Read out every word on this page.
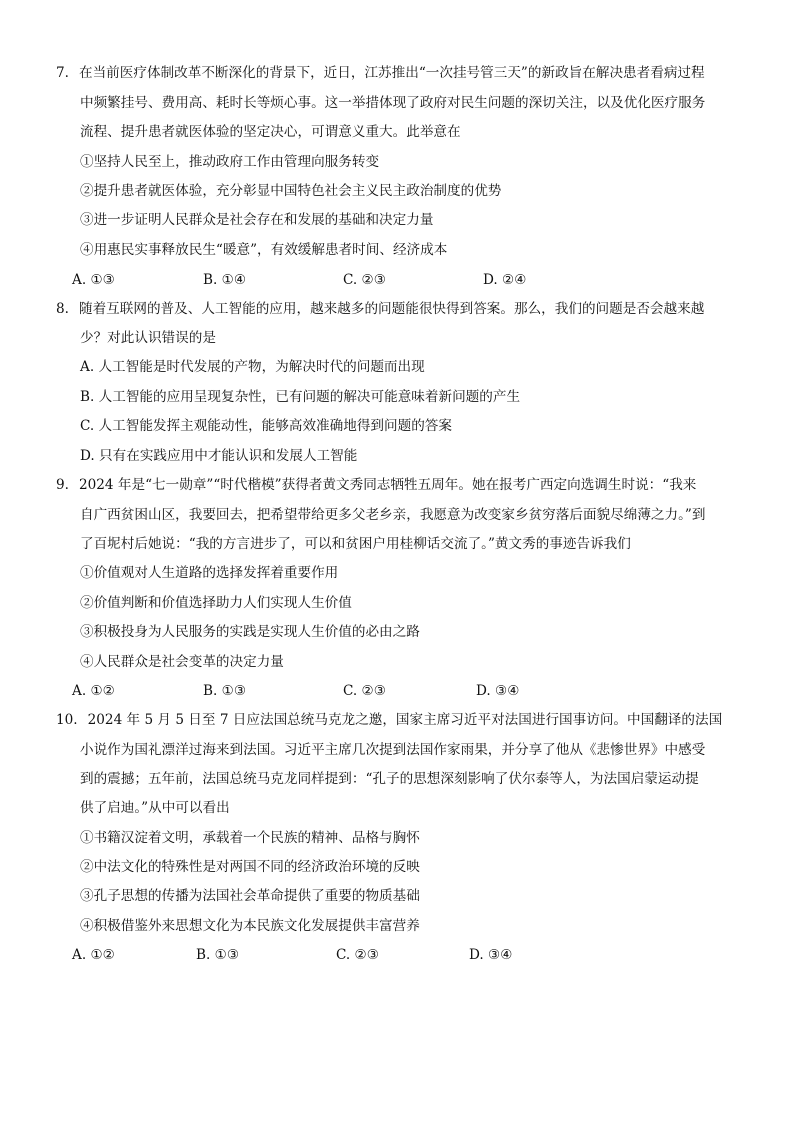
7. 在当前医疗体制改革不断深化的背景下，近日，江苏推出“一次挂号管三天”的新政旨在解决患者看病过程
中频繁挂号、费用高、耗时长等烦心事。这一举措体现了政府对民生问题的深切关注，以及优化医疗服务
流程、提升患者就医体验的坚定决心，可谓意义重大。此举意在
①坚持人民至上，推动政府工作由管理向服务转变
②提升患者就医体验，充分彰显中国特色社会主义民主政治制度的优势
③进一步证明人民群众是社会存在和发展的基础和决定力量
④用惠民实事释放民生“暖意”，有效缓解患者时间、经济成本
A. ①③	B. ①④	C. ②③	D. ②④
8. 随着互联网的普及、人工智能的应用，越来越多的问题能很快得到答案。那么，我们的问题是否会越来越
少？对此认识错误的是
A. 人工智能是时代发展的产物，为解决时代的问题而出现
B. 人工智能的应用呈现复杂性，已有问题的解决可能意味着新问题的产生
C. 人工智能发挥主观能动性，能够高效准确地得到问题的答案
D. 只有在实践应用中才能认识和发展人工智能
9. 2024 年是“七一勋章”“时代楷模”获得者黄文秀同志牺牲五周年。她在报考广西定向选调生时说：“我来
自广西贫困山区，我要回去，把希望带给更多父老乡亲，我愿意为改变家乡贫穷落后面貌尽绵薄之力。”到
了百坭村后她说：“我的方言进步了，可以和贫困户用桂柳话交流了。”黄文秀的事迹告诉我们
①价值观对人生道路的选择发挥着重要作用
②价值判断和价值选择助力人们实现人生价值
③积极投身为人民服务的实践是实现人生价值的必由之路
④人民群众是社会变革的决定力量
A. ①②	B. ①③	C. ②③	D. ③④
10. 2024 年 5 月 5 日至 7 日应法国总统马克龙之邀，国家主席习近平对法国进行国事访问。中国翻译的法国
小说作为国礼漂洋过海来到法国。习近平主席几次提到法国作家雨果，并分享了他从《悲惨世界》中感受
到的震撼；五年前，法国总统马克龙同样提到：“孔子的思想深刻影响了伏尔泰等人，为法国启蒙运动提
供了启迪。”从中可以看出
①书籍汉淀着文明，承载着一个民族的精神、品格与胸怀
②中法文化的特殊性是对两国不同的经济政治环境的反映
③孔子思想的传播为法国社会革命提供了重要的物质基础
④积极借鉴外来思想文化为本民族文化发展提供丰富营养
A. ①②	B. ①③	C. ②③	D. ③④
